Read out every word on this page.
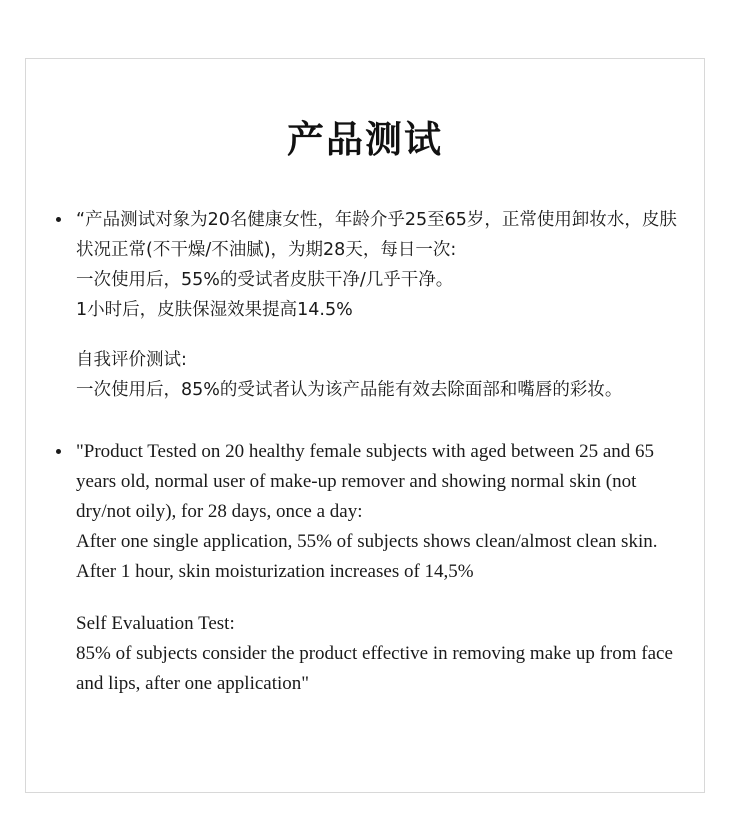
产品测试

“产品测试对象为20名健康女性，年龄介乎25至65岁，正常使用卸妆水，皮肤状况正常(不干燥/不油腻)，为期28天，每日一次:

一次使用后，55%的受试者皮肤干净/几乎干净。

1小时后，皮肤保湿效果提高14.5%

自我评价测试:

一次使用后，85%的受试者认为该产品能有效去除面部和嘴唇的彩妆。

"Product Tested on 20 healthy female subjects with aged between 25 and 65 years old, normal user of make-up remover and showing normal skin (not dry/not oily), for 28 days, once a day:

After one single application, 55% of subjects shows clean/almost clean skin.

After 1 hour, skin moisturization increases of 14,5%

Self Evaluation Test:

85% of subjects consider the product effective in removing make up from face and lips, after one application"
